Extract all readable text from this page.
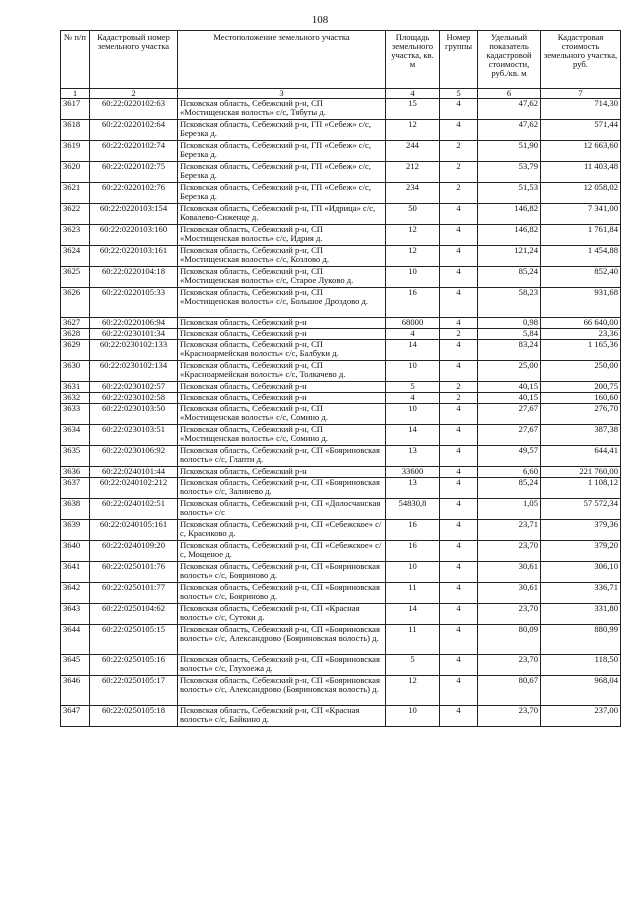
108
№ п/п	Кадастровый номер земельного участка	Местоположение земельного участка	Площадь земельного участка, кв. м	Номер группы	Удельный показатель кадастровой стоимости, руб./кв. м	Кадастровая стоимость земельного участка, руб.
1	2	3	4	5	6	7
3617	60:22:0220102:63	Псковская область, Себежский р-н, СП «Мостищенская волость» с/с, Тябуты д.	15	4	47,62	714,30
3618	60:22:0220102:64	Псковская область, Себежский р-н, ГП «Себеж» с/с, Березка д.	12	4	47,62	571,44
3619	60:22:0220102:74	Псковская область, Себежский р-н, ГП «Себеж» с/с, Березка д.	244	2	51,90	12 663,60
3620	60:22:0220102:75	Псковская область, Себежский р-н, ГП «Себеж» с/с, Березка д.	212	2	53,79	11 403,48
3621	60:22:0220102:76	Псковская область, Себежский р-н, ГП «Себеж» с/с, Березка д.	234	2	51,53	12 058,02
3622	60:22:0220103:154	Псковская область, Себежский р-н, ГП «Идрица» с/с, Ковалево-Сиженце д.	50	4	146,82	7 341,00
3623	60:22:0220103:160	Псковская область, Себежский р-н, СП «Мостищенская волость» с/с, Идрия д.	12	4	146,82	1 761,84
3624	60:22:0220103:161	Псковская область, Себежский р-н, СП «Мостищенская волость» с/с, Козлово д.	12	4	121,24	1 454,88
3625	60:22:0220104:18	Псковская область, Себежский р-н, СП «Мостищенская волость» с/с, Старое Луково д.	10	4	85,24	852,40
3626	60:22:0220105:33	Псковская область, Себежский р-н, СП «Мостищенская волость» с/с, Большое Дроздово д.	16	4	58,23	931,68
3627	60:22:0220106:94	Псковская область, Себежский р-н	68000	4	0,98	66 640,00
3628	60:22:0230101:34	Псковская область, Себежский р-н	4	2	5,84	23,36
3629	60:22:0230102:133	Псковская область, Себежский р-н, СП «Красноармейская волость» с/с, Балбуки д.	14	4	83,24	1 165,36
3630	60:22:0230102:134	Псковская область, Себежский р-н, СП «Красноармейская волость» с/с, Толкачево д.	10	4	25,00	250,00
3631	60:22:0230102:57	Псковская область, Себежский р-н	5	2	40,15	200,75
3632	60:22:0230102:58	Псковская область, Себежский р-н	4	2	40,15	160,60
3633	60:22:0230103:50	Псковская область, Себежский р-н, СП «Мостищенская волость» с/с, Сомино д.	10	4	27,67	276,70
3634	60:22:0230103:51	Псковская область, Себежский р-н, СП «Мостищенская волость» с/с, Сомино д.	14	4	27,67	387,38
3635	60:22:0230106:92	Псковская область, Себежский р-н, СП «Бояриновская волость» с/с, Глапти д.	13	4	49,57	644,41
3636	60:22:0240101:44	Псковская область, Себежский р-н	33600	4	6,60	221 760,00
3637	60:22:0240102:212	Псковская область, Себежский р-н, СП «Бояриновская волость» с/с, Залинево д.	13	4	85,24	1 108,12
3638	60:22:0240102:51	Псковская область, Себежский р-н, СП «Долосчанская волость» с/с	54830,8	4	1,05	57 572,34
3639	60:22:0240105:161	Псковская область, Себежский р-н, СП «Себежское» с/с, Красиково д.	16	4	23,71	379,36
3640	60:22:0240109:20	Псковская область, Себежский р-н, СП «Себежское» с/с, Мощеное д.	16	4	23,70	379,20
3641	60:22:0250101:76	Псковская область, Себежский р-н, СП «Бояриновская волость» с/с, Бояриново д.	10	4	30,61	306,10
3642	60:22:0250101:77	Псковская область, Себежский р-н, СП «Бояриновская волость» с/с, Бояриново д.	11	4	30,61	336,71
3643	60:22:0250104:62	Псковская область, Себежский р-н, СП «Красная волость» с/с, Сутоки д.	14	4	23,70	331,80
3644	60:22:0250105:15	Псковская область, Себежский р-н, СП «Бояриновская волость» с/с, Александрово (Бояриновская волость) д.	11	4	80,09	880,99
3645	60:22:0250105:16	Псковская область, Себежский р-н, СП «Бояриновская волость» с/с, Глухоежа д.	5	4	23,70	118,50
3646	60:22:0250105:17	Псковская область, Себежский р-н, СП «Бояриновская волость» с/с, Александрово (Бояриновская волость) д.	12	4	80,67	968,04
3647	60:22:0250105:18	Псковская область, Себежский р-н, СП «Красная волость» с/с, Байкино д.	10	4	23,70	237,00
